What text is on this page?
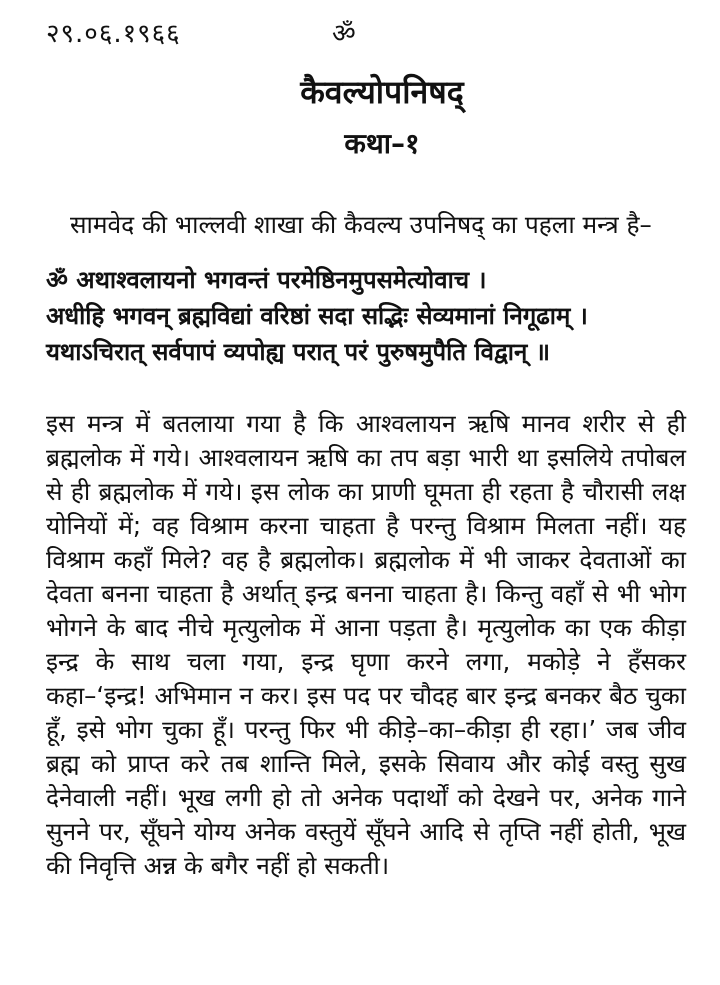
२९.०६.१९६६	ॐ
कैवल्योपनिषद्
कथा–१

सामवेद की भाल्लवी शाखा की कैवल्य उपनिषद् का पहला मन्त्र है–

ॐ अथाश्वलायनो भगवन्तं परमेष्ठिनमुपसमेत्योवाच ।
अधीहि भगवन् ब्रह्मविद्यां वरिष्ठां सदा सद्भिः सेव्यमानां निगूढाम् ।
यथाऽचिरात् सर्वपापं व्यपोह्य परात् परं पुरुषमुपैति विद्वान् ॥

इस मन्त्र में बतलाया गया है कि आश्वलायन ऋषि मानव शरीर से ही ब्रह्मलोक में गये। आश्वलायन ऋषि का तप बड़ा भारी था इसलिये तपोबल से ही ब्रह्मलोक में गये। इस लोक का प्राणी घूमता ही रहता है चौरासी लक्ष योनियों में; वह विश्राम करना चाहता है परन्तु विश्राम मिलता नहीं। यह विश्राम कहाँ मिले? वह है ब्रह्मलोक। ब्रह्मलोक में भी जाकर देवताओं का देवता बनना चाहता है अर्थात् इन्द्र बनना चाहता है। किन्तु वहाँ से भी भोग भोगने के बाद नीचे मृत्युलोक में आना पड़ता है। मृत्युलोक का एक कीड़ा इन्द्र के साथ चला गया, इन्द्र घृणा करने लगा, मकोड़े ने हँसकर कहा–‘इन्द्र! अभिमान न कर। इस पद पर चौदह बार इन्द्र बनकर बैठ चुका हूँ, इसे भोग चुका हूँ। परन्तु फिर भी कीड़े–का–कीड़ा ही रहा।’ जब जीव ब्रह्म को प्राप्त करे तब शान्ति मिले, इसके सिवाय और कोई वस्तु सुख देनेवाली नहीं। भूख लगी हो तो अनेक पदार्थों को देखने पर, अनेक गाने सुनने पर, सूँघने योग्य अनेक वस्तुयें सूँघने आदि से तृप्ति नहीं होती, भूख की निवृत्ति अन्न के बगैर नहीं हो सकती।
